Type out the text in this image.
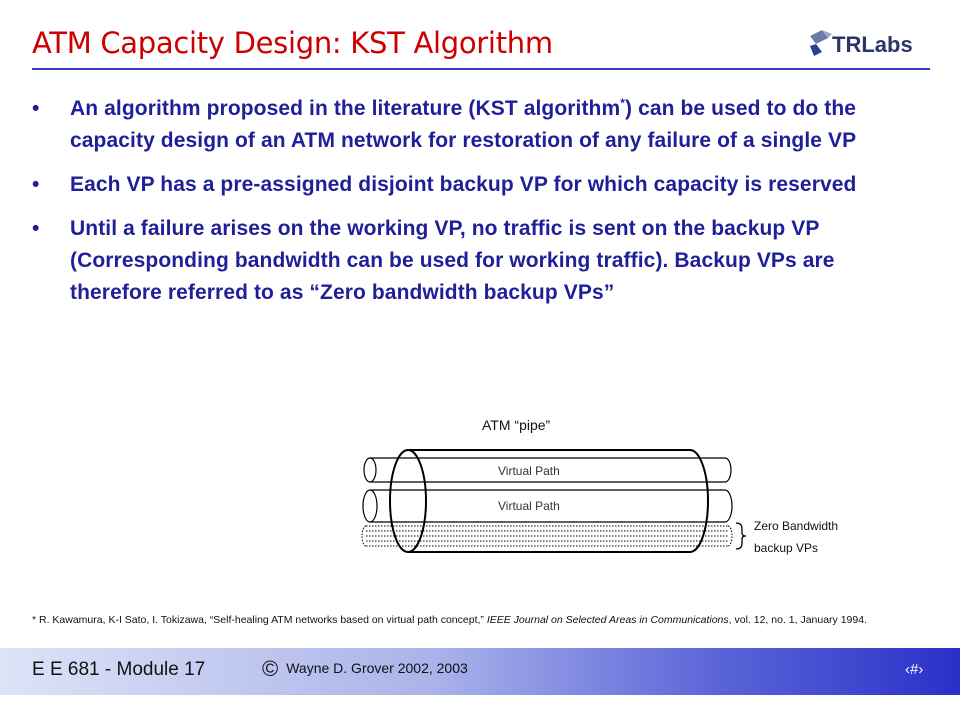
ATM Capacity Design: KST Algorithm	TRLabs
• An algorithm proposed in the literature (KST algorithm*) can be used to do the capacity design of an ATM network for restoration of any failure of a single VP
• Each VP has a pre-assigned disjoint backup VP for which capacity is reserved
• Until a failure arises on the working VP, no traffic is sent on the backup VP (Corresponding bandwidth can be used for working traffic). Backup VPs are therefore referred to as “Zero bandwidth backup VPs”
ATM “pipe”
Virtual Path
Virtual Path
Zero Bandwidth
backup VPs
* R. Kawamura, K-I Sato, I. Tokizawa, “Self-healing ATM networks based on virtual path concept,” IEEE Journal on Selected Areas in Communications, vol. 12, no. 1, January 1994.
E E 681 - Module 17	© Wayne D. Grover 2002, 2003	‹#›
